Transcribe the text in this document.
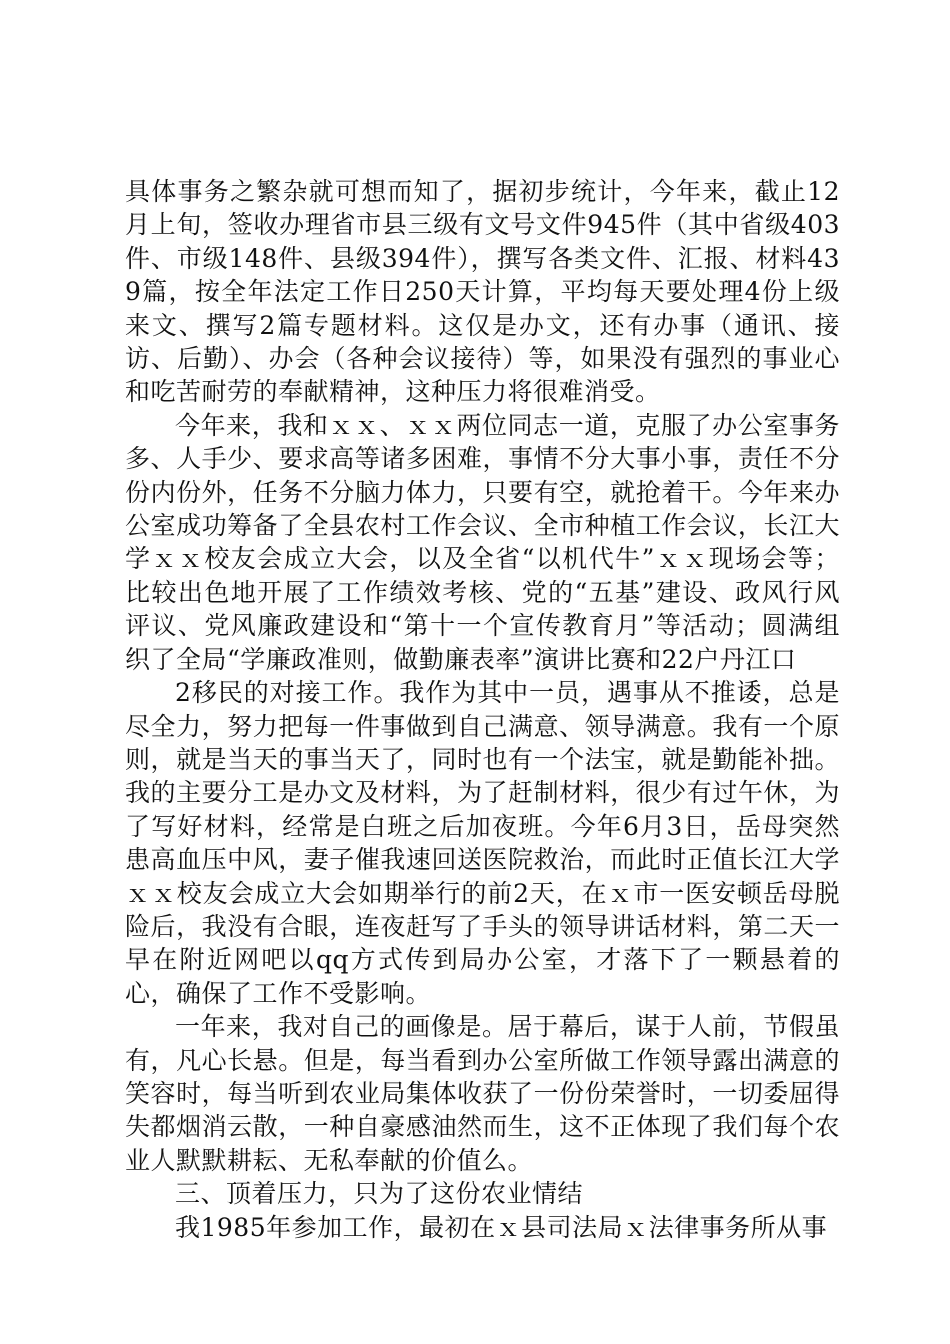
具体事务之繁杂就可想而知了，据初步统计，今年来，截止12月上旬，签收办理省市县三级有文号文件945件（其中省级403件、市级148件、县级394件），撰写各类文件、汇报、材料439篇，按全年法定工作日250天计算，平均每天要处理4份上级来文、撰写2篇专题材料。这仅是办文，还有办事（通讯、接访、后勤）、办会（各种会议接待）等，如果没有强烈的事业心和吃苦耐劳的奉献精神，这种压力将很难消受。

今年来，我和ｘｘ、ｘｘ两位同志一道，克服了办公室事务多、人手少、要求高等诸多困难，事情不分大事小事，责任不分份内份外，任务不分脑力体力，只要有空，就抢着干。今年来办公室成功筹备了全县农村工作会议、全市种植工作会议，长江大学ｘｘ校友会成立大会，以及全省“以机代牛”ｘｘ现场会等；比较出色地开展了工作绩效考核、党的“五基”建设、政风行风评议、党风廉政建设和“第十一个宣传教育月”等活动；圆满组织了全局“学廉政准则，做勤廉表率”演讲比赛和22户丹江口

2移民的对接工作。我作为其中一员，遇事从不推诿，总是尽全力，努力把每一件事做到自己满意、领导满意。我有一个原则，就是当天的事当天了，同时也有一个法宝，就是勤能补拙。我的主要分工是办文及材料，为了赶制材料，很少有过午休，为了写好材料，经常是白班之后加夜班。今年6月3日，岳母突然患高血压中风，妻子催我速回送医院救治，而此时正值长江大学ｘｘ校友会成立大会如期举行的前2天，在ｘ市一医安顿岳母脱险后，我没有合眼，连夜赶写了手头的领导讲话材料，第二天一早在附近网吧以qq方式传到局办公室，才落下了一颗悬着的心，确保了工作不受影响。

一年来，我对自己的画像是。居于幕后，谋于人前，节假虽有，凡心长悬。但是，每当看到办公室所做工作领导露出满意的笑容时，每当听到农业局集体收获了一份份荣誉时，一切委屈得失都烟消云散，一种自豪感油然而生，这不正体现了我们每个农业人默默耕耘、无私奉献的价值么。

三、顶着压力，只为了这份农业情结

我1985年参加工作，最初在ｘ县司法局ｘ法律事务所从事
